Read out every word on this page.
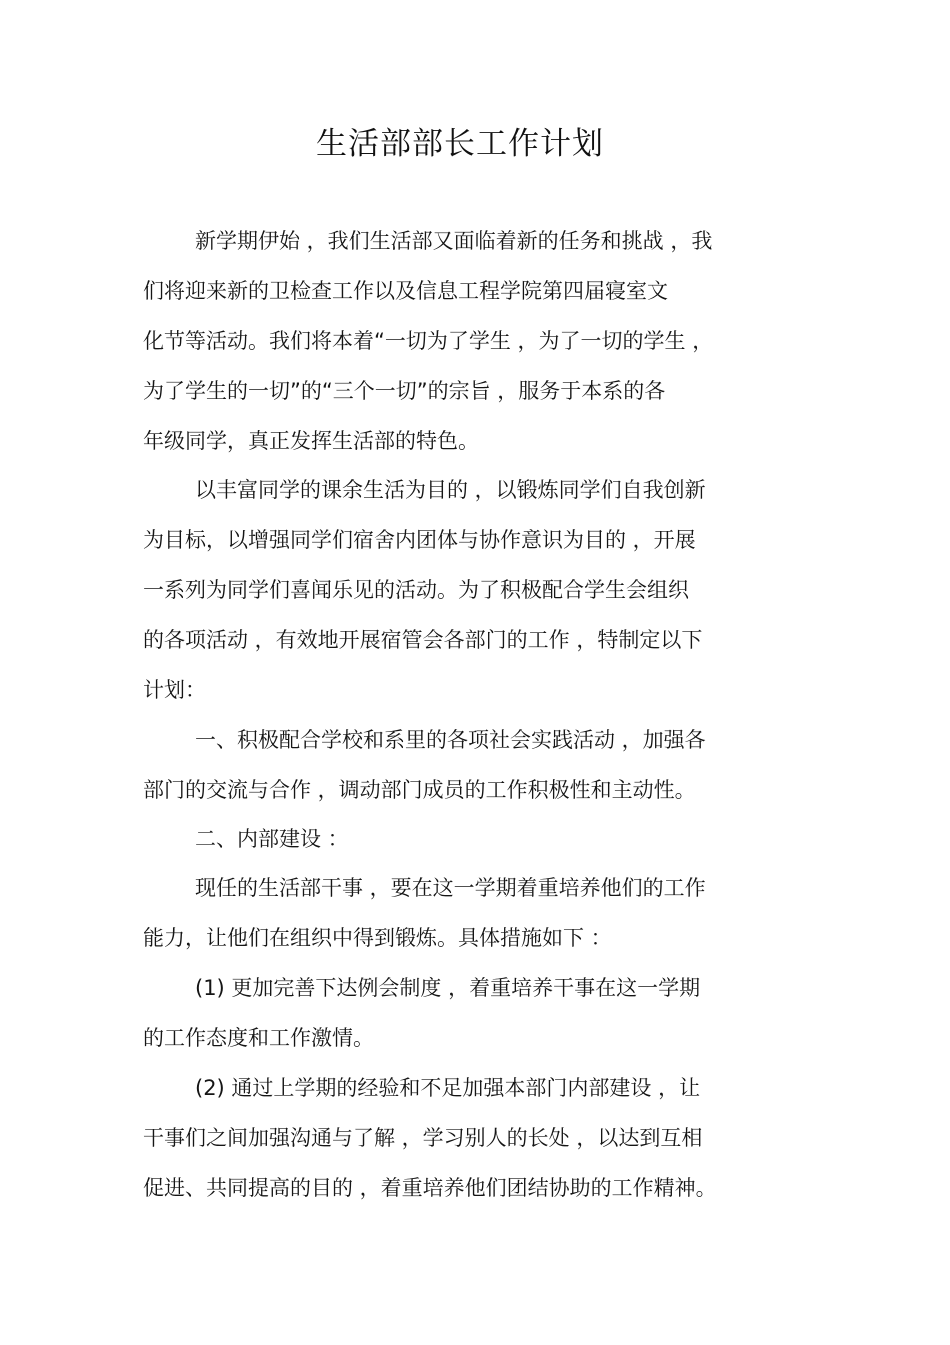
生活部部长工作计划
新学期伊始 ，我们生活部又面临着新的任务和挑战 ，我
们将迎来新的卫检查工作以及信息工程学院第四届寝室文
化节等活动。我们将本着“一切为了学生 ，为了一切的学生 ，
为了学生的一切”的“三个一切”的宗旨 ，服务于本系的各
年级同学，真正发挥生活部的特色。
以丰富同学的课余生活为目的 ，以锻炼同学们自我创新
为目标，以增强同学们宿舍内团体与协作意识为目的 ，开展
一系列为同学们喜闻乐见的活动。为了积极配合学生会组织
的各项活动 ，有效地开展宿管会各部门的工作 ，特制定以下
计划：
一、积极配合学校和系里的各项社会实践活动 ，加强各
部门的交流与合作 ，调动部门成员的工作积极性和主动性。
二、内部建设 ：
现任的生活部干事 ，要在这一学期着重培养他们的工作
能力，让他们在组织中得到锻炼。具体措施如下 ：
(1) 更加完善下达例会制度 ，着重培养干事在这一学期
的工作态度和工作激情。
(2) 通过上学期的经验和不足加强本部门内部建设 ，让
干事们之间加强沟通与了解 ，学习别人的长处 ，以达到互相
促进、共同提高的目的 ，着重培养他们团结协助的工作精神。
